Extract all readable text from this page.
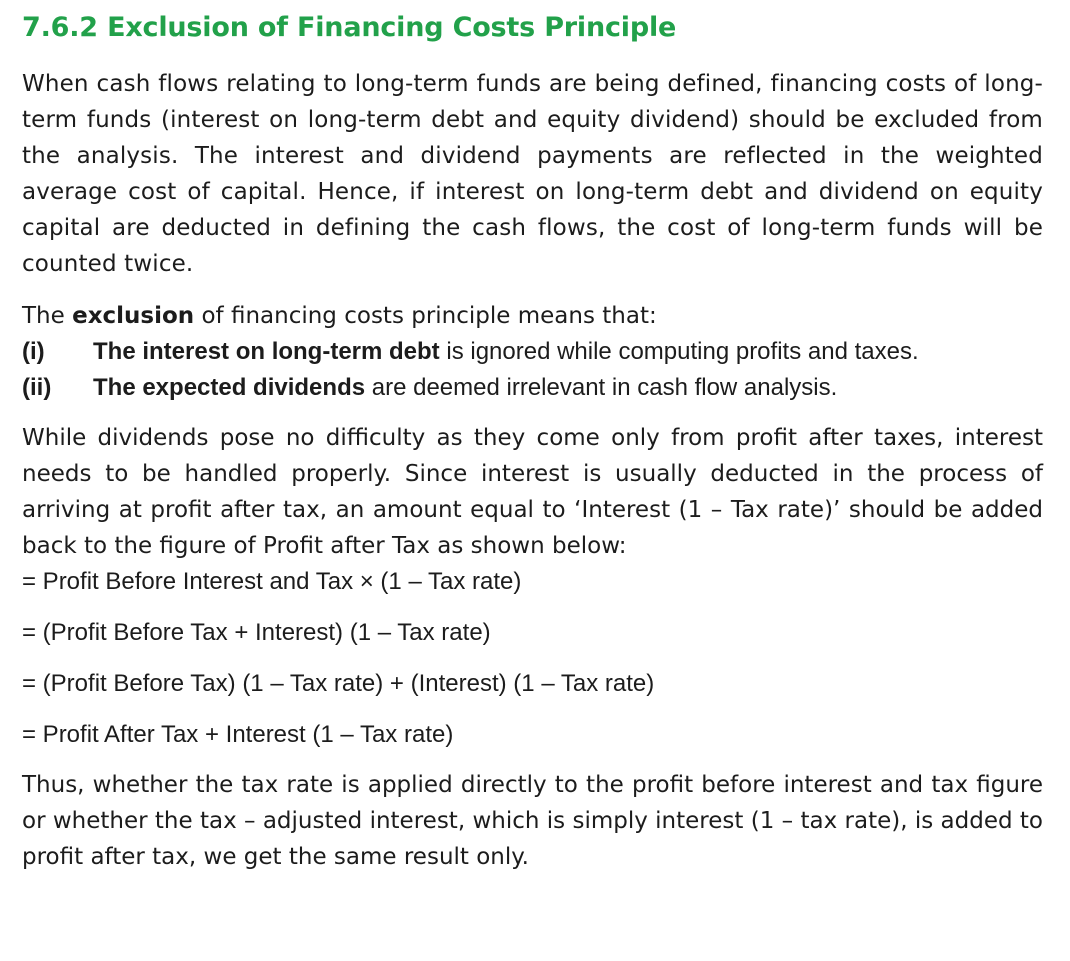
7.6.2 Exclusion of Financing Costs Principle

When cash flows relating to long-term funds are being defined, financing costs of long-term funds (interest on long-term debt and equity dividend) should be excluded from the analysis. The interest and dividend payments are reflected in the weighted average cost of capital. Hence, if interest on long-term debt and dividend on equity capital are deducted in defining the cash flows, the cost of long-term funds will be counted twice.

The exclusion of financing costs principle means that:

(i)	The interest on long-term debt is ignored while computing profits and taxes.
(ii)	The expected dividends are deemed irrelevant in cash flow analysis.

While dividends pose no difficulty as they come only from profit after taxes, interest needs to be handled properly. Since interest is usually deducted in the process of arriving at profit after tax, an amount equal to ‘Interest (1 – Tax rate)’ should be added back to the figure of Profit after Tax as shown below:

= Profit Before Interest and Tax × (1 – Tax rate)

= (Profit Before Tax + Interest) (1 – Tax rate)

= (Profit Before Tax) (1 – Tax rate) + (Interest) (1 – Tax rate)

= Profit After Tax + Interest (1 – Tax rate)

Thus, whether the tax rate is applied directly to the profit before interest and tax figure or whether the tax – adjusted interest, which is simply interest (1 – tax rate), is added to profit after tax, we get the same result only.
